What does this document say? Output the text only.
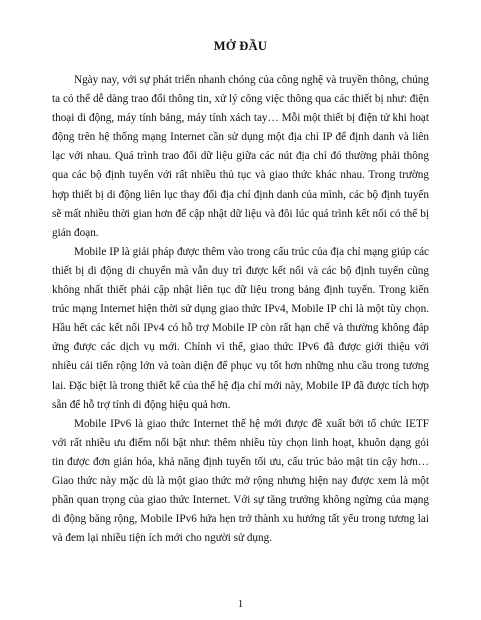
MỞ ĐẦU

Ngày nay, với sự phát triển nhanh chóng của công nghệ và truyền thông, chúng ta có thể dễ dàng trao đổi thông tin, xử lý công việc thông qua các thiết bị như: điện thoại di động, máy tính bảng, máy tính xách tay… Mỗi một thiết bị điện tử khi hoạt động trên hệ thống mạng Internet cần sử dụng một địa chỉ IP để định danh và liên lạc với nhau. Quá trình trao đổi dữ liệu giữa các nút địa chỉ đó thường phải thông qua các bộ định tuyến với rất nhiều thủ tục và giao thức khác nhau. Trong trường hợp thiết bị di động liên lục thay đổi địa chỉ định danh của mình, các bộ định tuyến sẽ mất nhiều thời gian hơn để cập nhật dữ liệu và đôi lúc quá trình kết nối có thể bị gián đoạn.

Mobile IP là giải pháp được thêm vào trong cấu trúc của địa chỉ mạng giúp các thiết bị di động di chuyển mà vẫn duy trì được kết nối và các bộ định tuyến cũng không nhất thiết phải cập nhật liên tục dữ liệu trong bảng định tuyến. Trong kiến trúc mạng Internet hiện thời sử dụng giao thức IPv4, Mobile IP chỉ là một tùy chọn. Hầu hết các kết nối IPv4 có hỗ trợ Mobile IP còn rất hạn chế và thường không đáp ứng được các dịch vụ mới. Chính vì thế, giao thức IPv6 đã được giới thiệu với nhiều cải tiến rộng lớn và toàn diện để phục vụ tốt hơn những nhu cầu trong tương lai. Đặc biệt là trong thiết kế của thế hệ địa chỉ mới này, Mobile IP đã được tích hợp sẵn để hỗ trợ tính di động hiệu quả hơn.

Mobile IPv6 là giao thức Internet thế hệ mới được đề xuất bởi tổ chức IETF với rất nhiều ưu điểm nổi bật như: thêm nhiều tùy chọn linh hoạt, khuôn dạng gói tin được đơn giản hóa, khả năng định tuyến tối ưu, cấu trúc bảo mật tin cậy hơn… Giao thức này mặc dù là một giao thức mở rộng nhưng hiện nay được xem là một phần quan trọng của giao thức Internet. Với sự tăng trưởng không ngừng của mạng di động băng rộng, Mobile IPv6 hứa hẹn trở thành xu hướng tất yếu trong tương lai và đem lại nhiều tiện ích mới cho người sử dụng.

1
